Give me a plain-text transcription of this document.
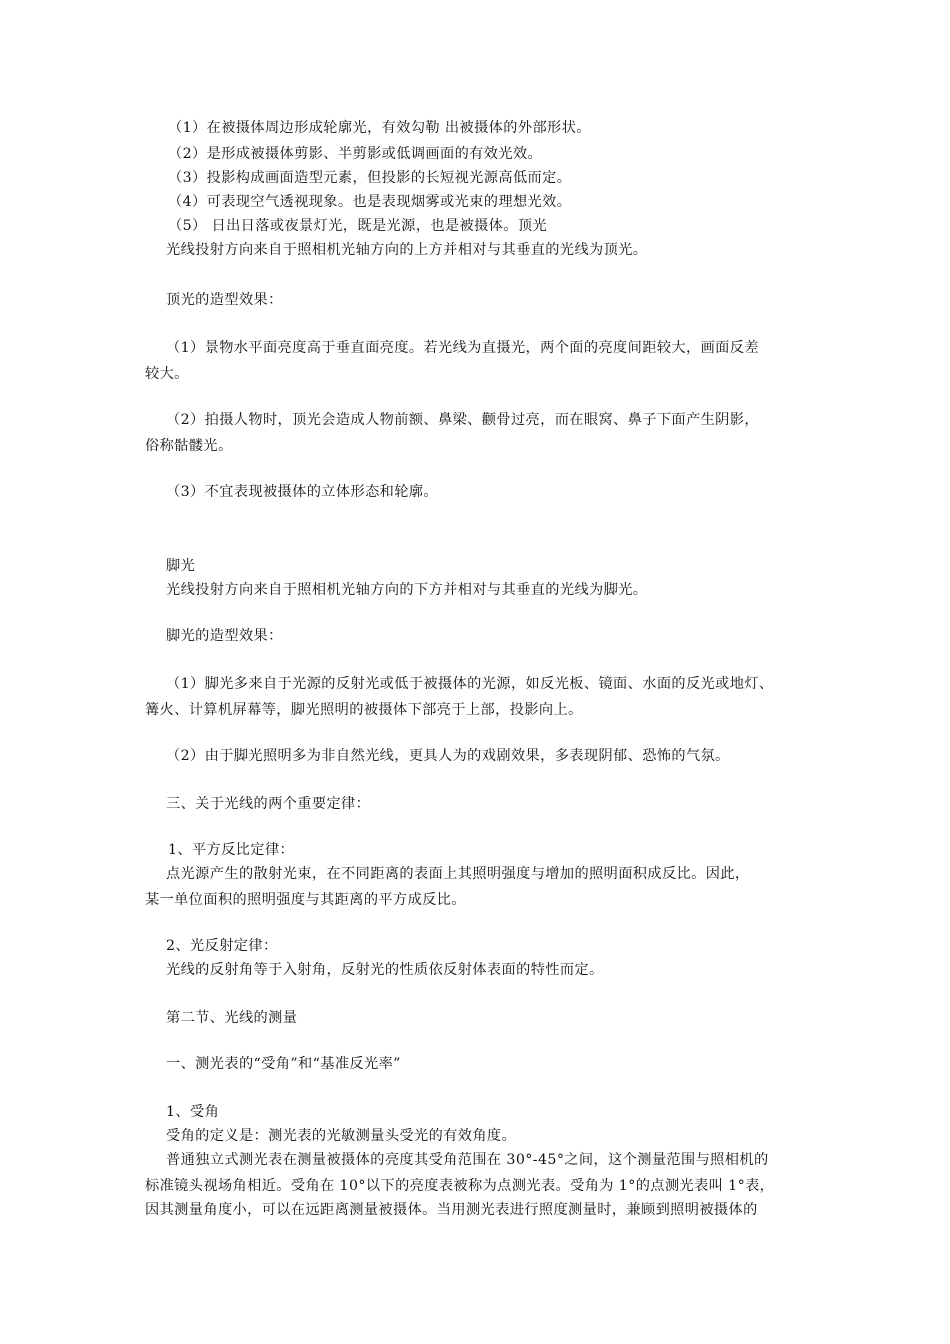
（1）在被摄体周边形成轮廓光，有效勾勒 出被摄体的外部形状。
（2）是形成被摄体剪影、半剪影或低调画面的有效光效。
（3）投影构成画面造型元素，但投影的长短视光源高低而定。
（4）可表现空气透视现象。也是表现烟雾或光束的理想光效。
（5） 日出日落或夜景灯光，既是光源，也是被摄体。顶光
光线投射方向来自于照相机光轴方向的上方并相对与其垂直的光线为顶光。
顶光的造型效果：
（1）景物水平面亮度高于垂直面亮度。若光线为直摄光，两个面的亮度间距较大，画面反差
较大。
（2）拍摄人物时，顶光会造成人物前额、鼻梁、颧骨过亮，而在眼窝、鼻子下面产生阴影，
俗称骷髅光。
（3）不宜表现被摄体的立体形态和轮廓。
脚光
光线投射方向来自于照相机光轴方向的下方并相对与其垂直的光线为脚光。
脚光的造型效果：
（1）脚光多来自于光源的反射光或低于被摄体的光源，如反光板、镜面、水面的反光或地灯、
篝火、计算机屏幕等，脚光照明的被摄体下部亮于上部，投影向上。
（2）由于脚光照明多为非自然光线，更具人为的戏剧效果，多表现阴郁、恐怖的气氛。
三、关于光线的两个重要定律：
1、平方反比定律：
点光源产生的散射光束，在不同距离的表面上其照明强度与增加的照明面积成反比。因此，
某一单位面积的照明强度与其距离的平方成反比。
2、光反射定律：
光线的反射角等于入射角，反射光的性质依反射体表面的特性而定。
第二节、光线的测量
一、测光表的“受角”和“基准反光率”
1、受角
受角的定义是：测光表的光敏测量头受光的有效角度。
普通独立式测光表在测量被摄体的亮度其受角范围在 30°-45°之间，这个测量范围与照相机的
标准镜头视场角相近。受角在 10°以下的亮度表被称为点测光表。受角为 1°的点测光表叫 1°表，
因其测量角度小，可以在远距离测量被摄体。当用测光表进行照度测量时，兼顾到照明被摄体的
